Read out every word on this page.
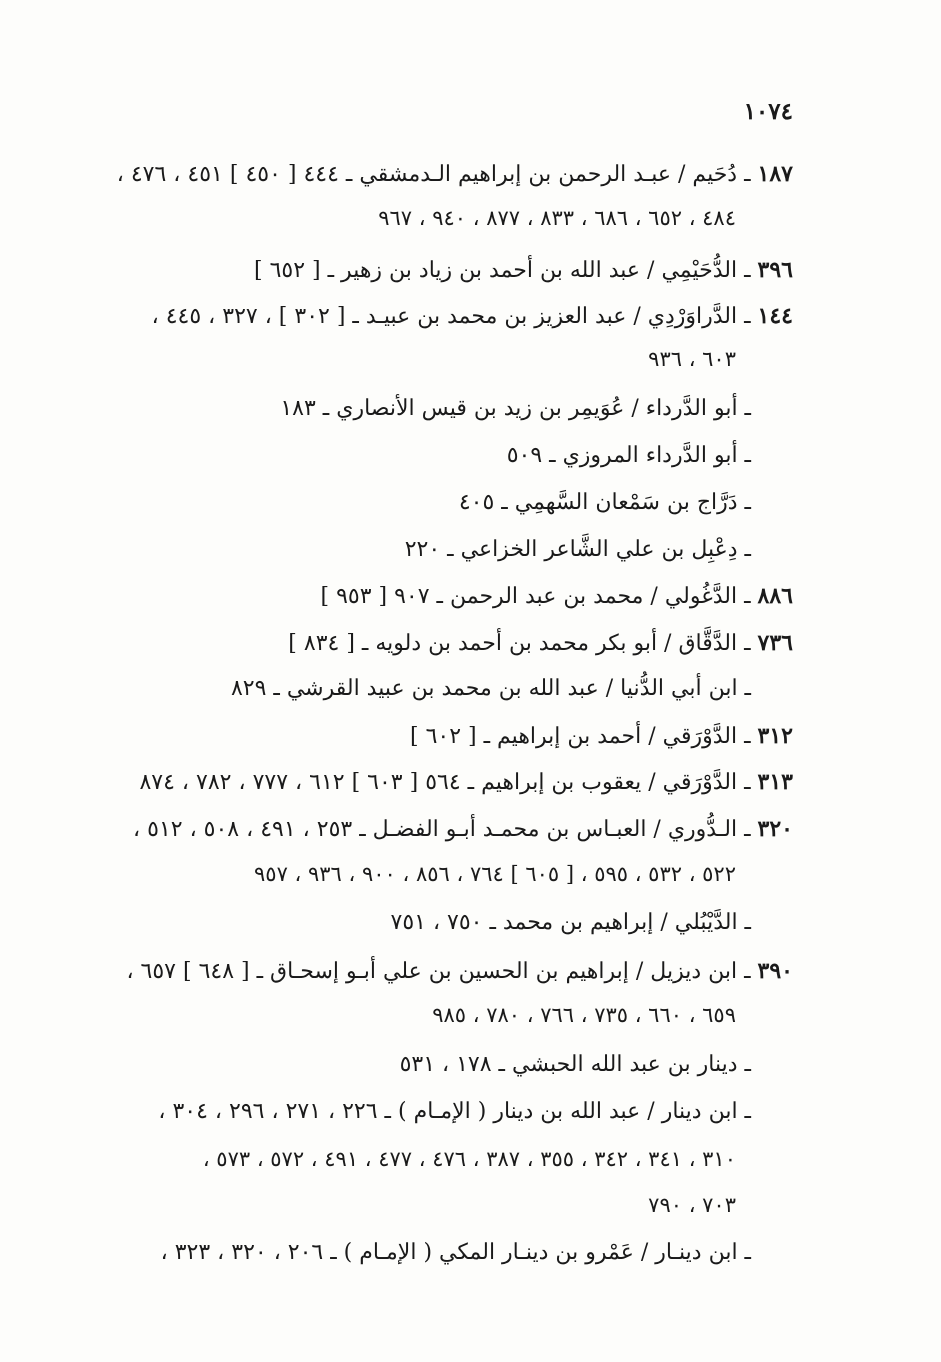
١٠٧٤
١٨٧ ـ دُحَيم / عبـد الرحمن بن إبراهيم الـدمشقي ـ ٤٤٤ [ ٤٥٠ ] ٤٥١ ، ٤٧٦ ،
٤٨٤ ، ٦٥٢ ، ٦٨٦ ، ٨٣٣ ، ٨٧٧ ، ٩٤٠ ، ٩٦٧
٣٩٦ ـ الدُّحَيْمِي / عبد الله بن أحمد بن زياد بن زهير ـ [ ٦٥٢ ]
١٤٤ ـ الدَّراوَرْدِي / عبد العزيز بن محمد بن عبيـد ـ [ ٣٠٢ ] ، ٣٢٧ ، ٤٤٥ ،
٦٠٣ ، ٩٣٦
ـ أبو الدَّرداء / عُوَيمِر بن زيد بن قيس الأنصاري ـ ١٨٣
ـ أبو الدَّرداء المروزي ـ ٥٠٩
ـ دَرَّاج بن سَمْعان السَّهمِي ـ ٤٠٥
ـ دِعْبِل بن علي الشَّاعر الخزاعي ـ ٢٢٠
٨٨٦ ـ الدَّغُولي / محمد بن عبد الرحمن ـ ٩٠٧ [ ٩٥٣ ]
٧٣٦ ـ الدَّقَّاق / أبو بكر محمد بن أحمد بن دلويه ـ [ ٨٣٤ ]
ـ ابن أبي الدُّنيا / عبد الله بن محمد بن عبيد القرشي ـ ٨٢٩
٣١٢ ـ الدَّوْرَقي / أحمد بن إبراهيم ـ [ ٦٠٢ ]
٣١٣ ـ الدَّوْرَقي / يعقوب بن إبراهيم ـ ٥٦٤ [ ٦٠٣ ] ٦١٢ ، ٧٧٧ ، ٧٨٢ ، ٨٧٤
٣٢٠ ـ الـدُّوري / العبـاس بن محمـد أبـو الفضـل ـ ٢٥٣ ، ٤٩١ ، ٥٠٨ ، ٥١٢ ،
٥٢٢ ، ٥٣٢ ، ٥٩٥ ، [ ٦٠٥ ] ٧٦٤ ، ٨٥٦ ، ٩٠٠ ، ٩٣٦ ، ٩٥٧
ـ الدَّيْبُلي / إبراهيم بن محمد ـ ٧٥٠ ، ٧٥١
٣٩٠ ـ ابن ديزيل / إبراهيم بن الحسين بن علي أبـو إسحـاق ـ [ ٦٤٨ ] ٦٥٧ ،
٦٥٩ ، ٦٦٠ ، ٧٣٥ ، ٧٦٦ ، ٧٨٠ ، ٩٨٥
ـ دينار بن عبد الله الحبشي ـ ١٧٨ ، ٥٣١
ـ ابن دينار / عبد الله بن دينار ( الإمـام ) ـ ٢٢٦ ، ٢٧١ ، ٢٩٦ ، ٣٠٤ ،
٣١٠ ، ٣٤١ ، ٣٤٢ ، ٣٥٥ ، ٣٨٧ ، ٤٧٦ ، ٤٧٧ ، ٤٩١ ، ٥٧٢ ، ٥٧٣ ،
٧٠٣ ، ٧٩٠
ـ ابن دينـار / عَمْرو بن دينـار المكي ( الإمـام ) ـ ٢٠٦ ، ٣٢٠ ، ٣٢٣ ،
